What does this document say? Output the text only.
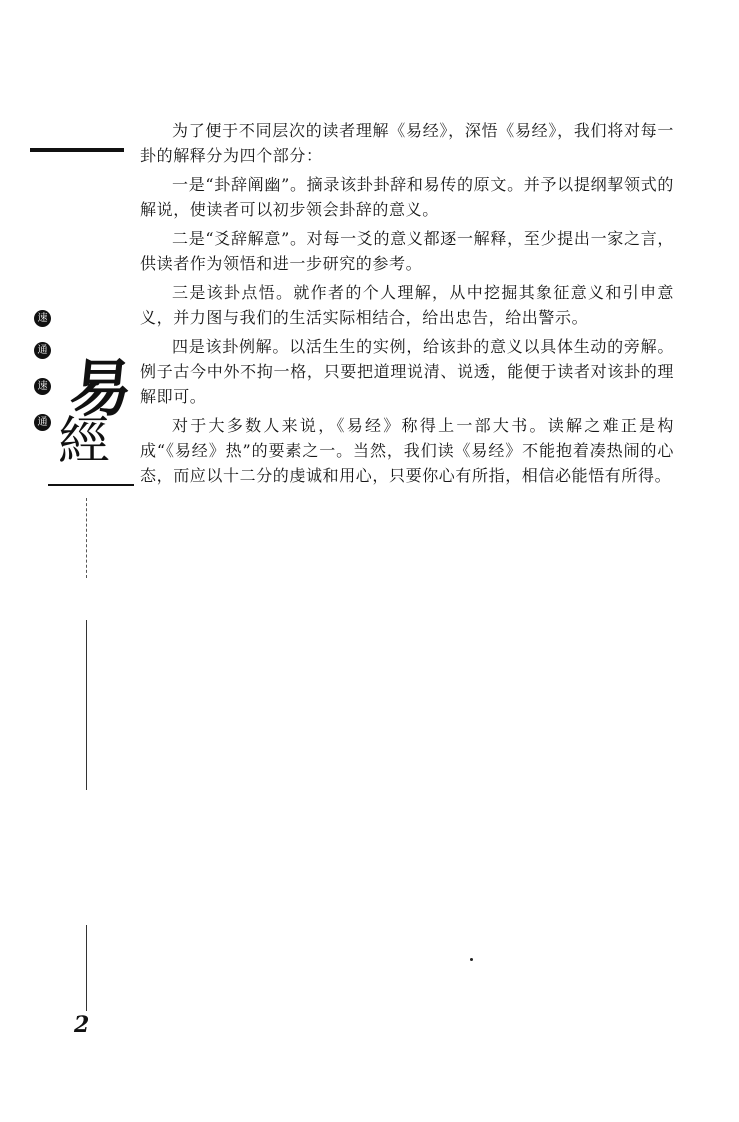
为了便于不同层次的读者理解《易经》，深悟《易经》，我们将对每一卦的解释分为四个部分：

一是“卦辞阐幽”。摘录该卦卦辞和易传的原文。并予以提纲挈领式的解说，使读者可以初步领会卦辞的意义。

二是“爻辞解意”。对每一爻的意义都逐一解释，至少提出一家之言，供读者作为领悟和进一步研究的参考。

三是该卦点悟。就作者的个人理解，从中挖掘其象征意义和引申意义，并力图与我们的生活实际相结合，给出忠告，给出警示。

四是该卦例解。以活生生的实例，给该卦的意义以具体生动的旁解。例子古今中外不拘一格，只要把道理说清、说透，能便于读者对该卦的理解即可。

对于大多数人来说，《易经》称得上一部大书。读解之难正是构成“《易经》热”的要素之一。当然，我们读《易经》不能抱着凑热闹的心态，而应以十二分的虔诚和用心，只要你心有所指，相信必能悟有所得。

速
通
速
通 易
經
2
